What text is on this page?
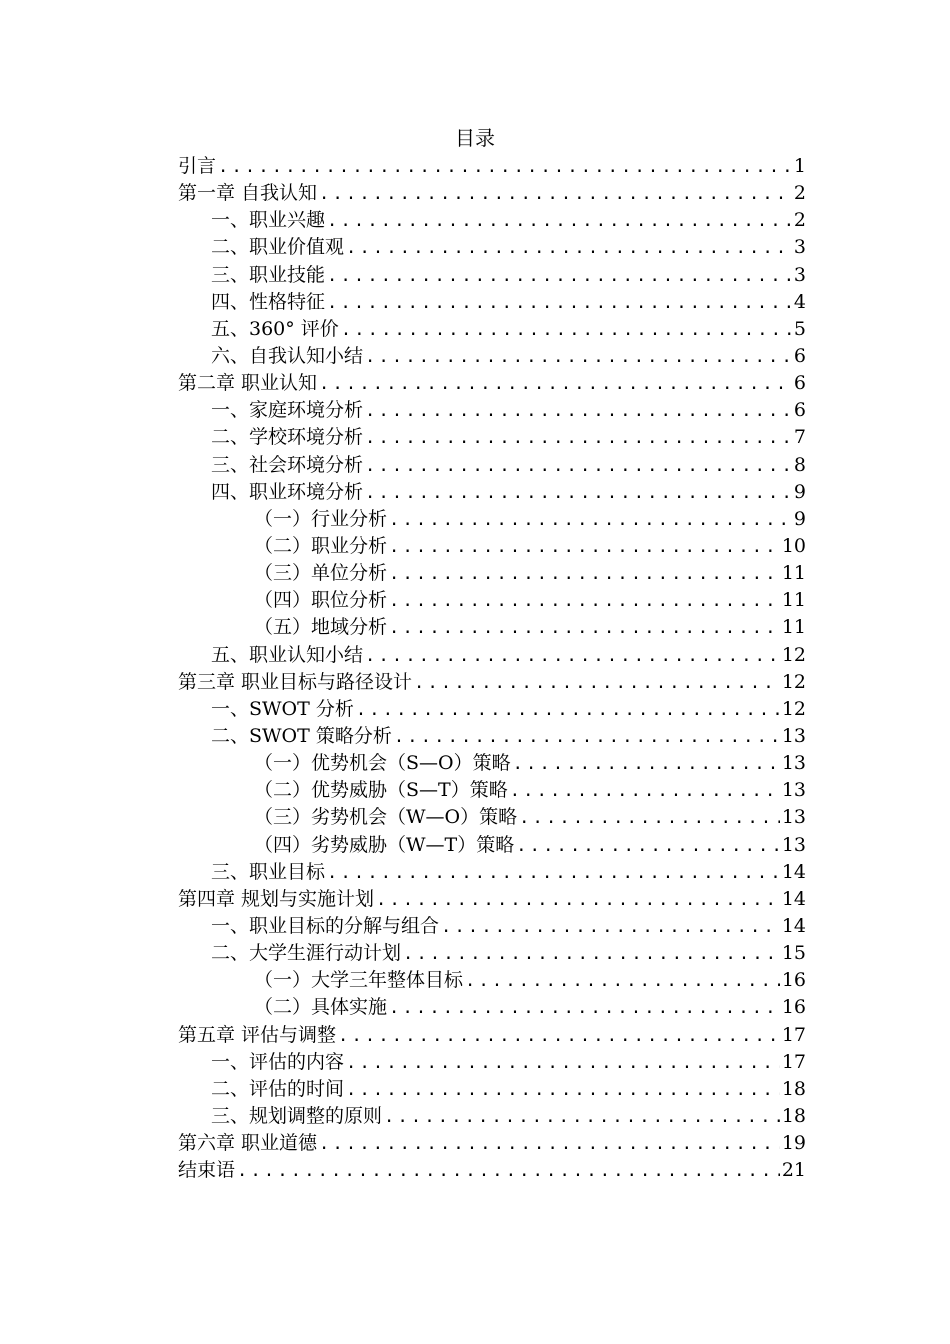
目录
引言 .....	1
第一章 自我认知 .....	2
一、职业兴趣 .....	2
二、职业价值观 .....	3
三、职业技能 .....	3
四、性格特征 .....	4
五、360° 评价 .....	5
六、自我认知小结 .....	6
第二章 职业认知 .....	6
一、家庭环境分析 .....	6
二、学校环境分析 .....	7
三、社会环境分析 .....	8
四、职业环境分析 .....	9
（一）行业分析 .....	9
（二）职业分析 .....	10
（三）单位分析 .....	11
（四）职位分析 .....	11
（五）地域分析 .....	11
五、职业认知小结 .....	12
第三章 职业目标与路径设计 .....	12
一、SWOT 分析 .....	12
二、SWOT 策略分析 .....	13
（一）优势机会（S—O）策略 .....	13
（二）优势威胁（S—T）策略 .....	13
（三）劣势机会（W—O）策略 .....	13
（四）劣势威胁（W—T）策略 .....	13
三、职业目标 .....	14
第四章 规划与实施计划 .....	14
一、职业目标的分解与组合 .....	14
二、大学生涯行动计划 .....	15
（一）大学三年整体目标 .....	16
（二）具体实施 .....	16
第五章 评估与调整 .....	17
一、评估的内容 .....	17
二、评估的时间 .....	18
三、规划调整的原则 .....	18
第六章 职业道德 .....	19
结束语 .....	21
